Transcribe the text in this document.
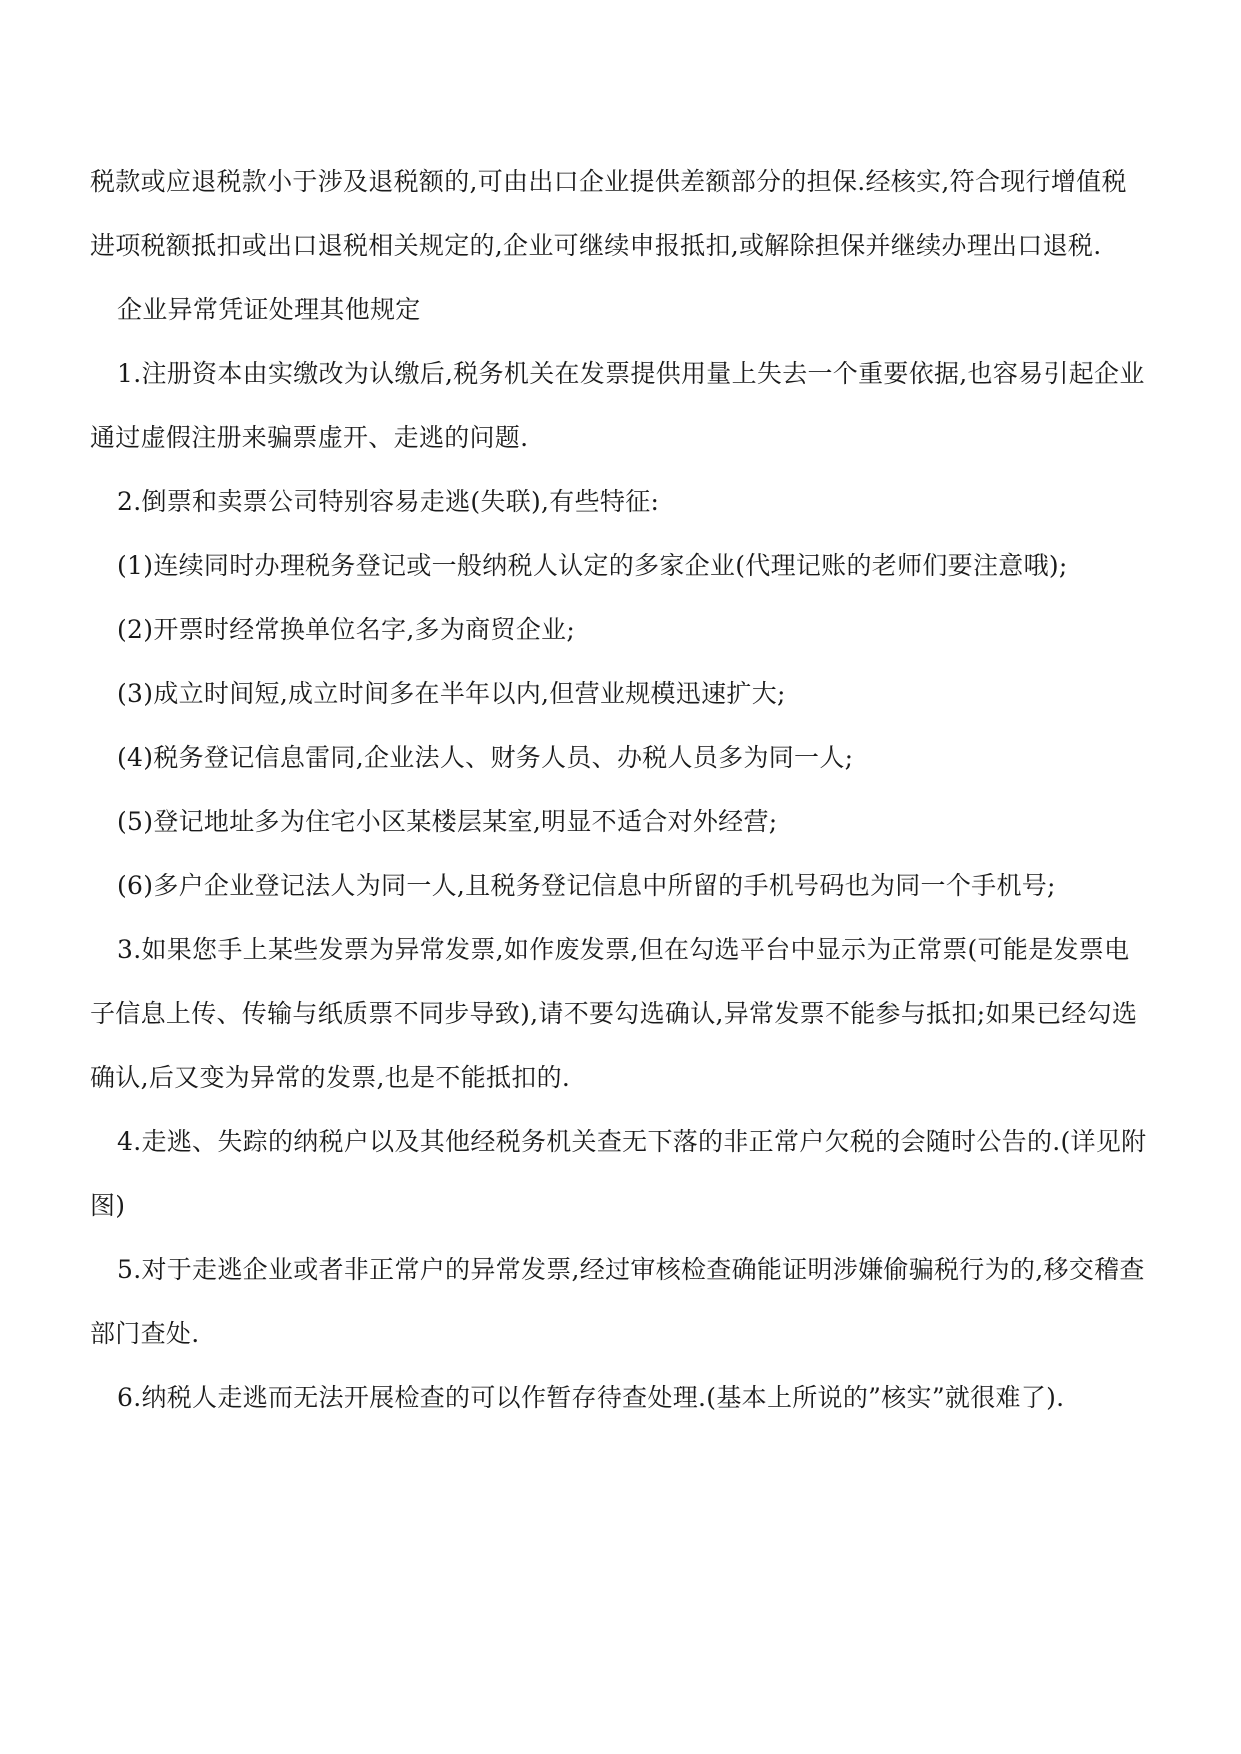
税款或应退税款小于涉及退税额的,可由出口企业提供差额部分的担保.经核实,符合现行增值税进项税额抵扣或出口退税相关规定的,企业可继续申报抵扣,或解除担保并继续办理出口退税.

企业异常凭证处理其他规定

1.注册资本由实缴改为认缴后,税务机关在发票提供用量上失去一个重要依据,也容易引起企业通过虚假注册来骗票虚开、走逃的问题.

2.倒票和卖票公司特别容易走逃(失联),有些特征:

(1)连续同时办理税务登记或一般纳税人认定的多家企业(代理记账的老师们要注意哦);

(2)开票时经常换单位名字,多为商贸企业;

(3)成立时间短,成立时间多在半年以内,但营业规模迅速扩大;

(4)税务登记信息雷同,企业法人、财务人员、办税人员多为同一人;

(5)登记地址多为住宅小区某楼层某室,明显不适合对外经营;

(6)多户企业登记法人为同一人,且税务登记信息中所留的手机号码也为同一个手机号;

3.如果您手上某些发票为异常发票,如作废发票,但在勾选平台中显示为正常票(可能是发票电子信息上传、传输与纸质票不同步导致),请不要勾选确认,异常发票不能参与抵扣;如果已经勾选确认,后又变为异常的发票,也是不能抵扣的.

4.走逃、失踪的纳税户以及其他经税务机关查无下落的非正常户欠税的会随时公告的.(详见附图)

5.对于走逃企业或者非正常户的异常发票,经过审核检查确能证明涉嫌偷骗税行为的,移交稽查部门查处.

6.纳税人走逃而无法开展检查的可以作暂存待查处理.(基本上所说的”核实”就很难了).
